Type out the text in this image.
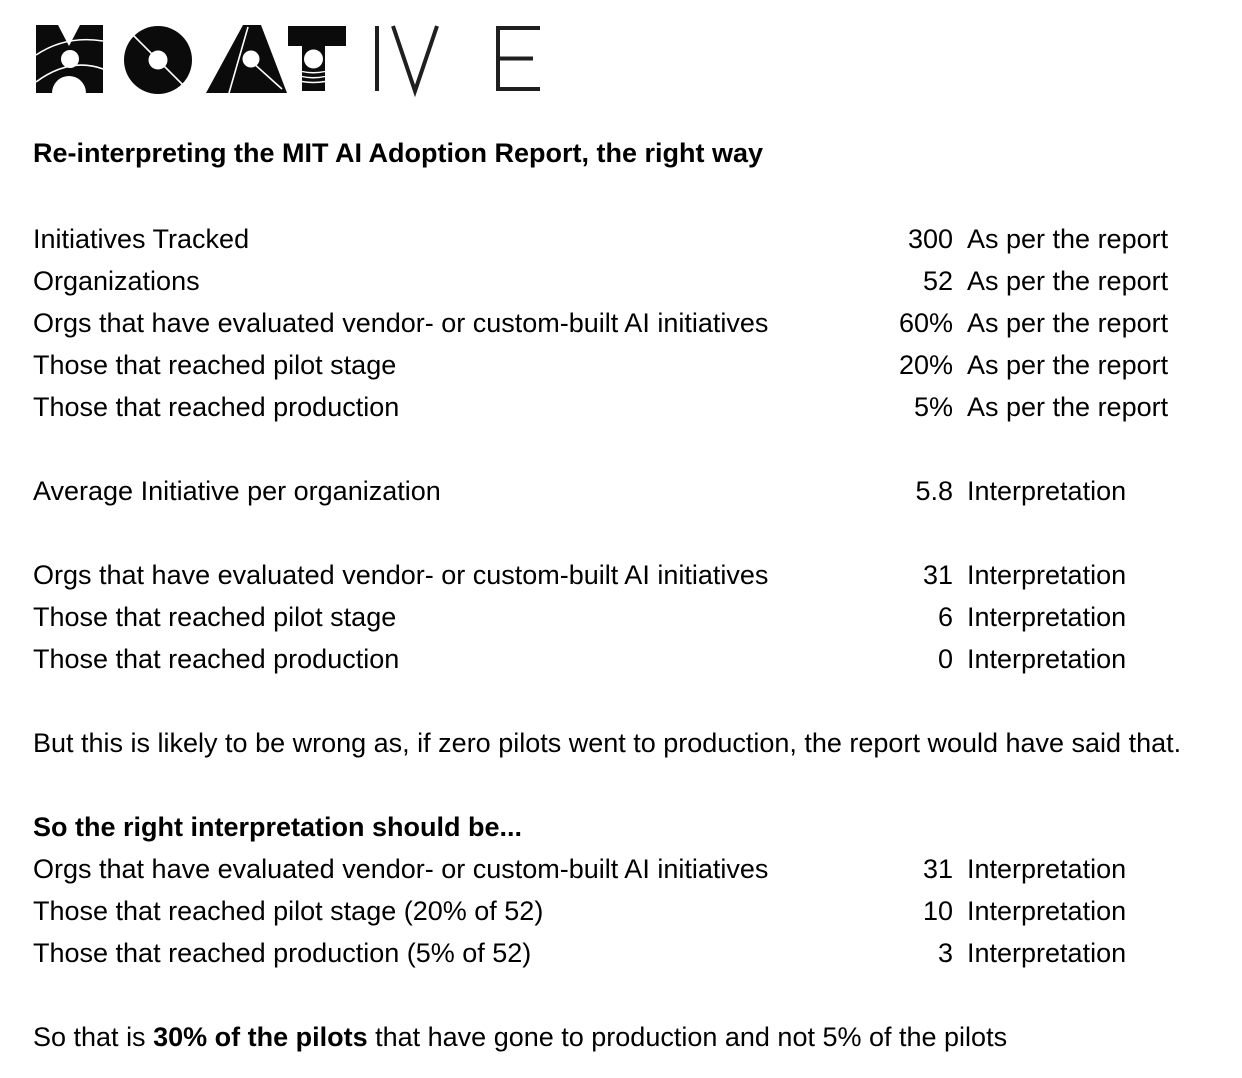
Re-interpreting the MIT AI Adoption Report, the right way
Initiatives Tracked	300 As per the report
Organizations	52 As per the report
Orgs that have evaluated vendor- or custom-built AI initiatives	60% As per the report
Those that reached pilot stage	20% As per the report
Those that reached production	5% As per the report
Average Initiative per organization	5.8 Interpretation
Orgs that have evaluated vendor- or custom-built AI initiatives	31 Interpretation
Those that reached pilot stage	6 Interpretation
Those that reached production	0 Interpretation
But this is likely to be wrong as, if zero pilots went to production, the report would have said that.
So the right interpretation should be...
Orgs that have evaluated vendor- or custom-built AI initiatives	31 Interpretation
Those that reached pilot stage (20% of 52)	10 Interpretation
Those that reached production (5% of 52)	3 Interpretation
So that is 30% of the pilots that have gone to production and not 5% of the pilots
